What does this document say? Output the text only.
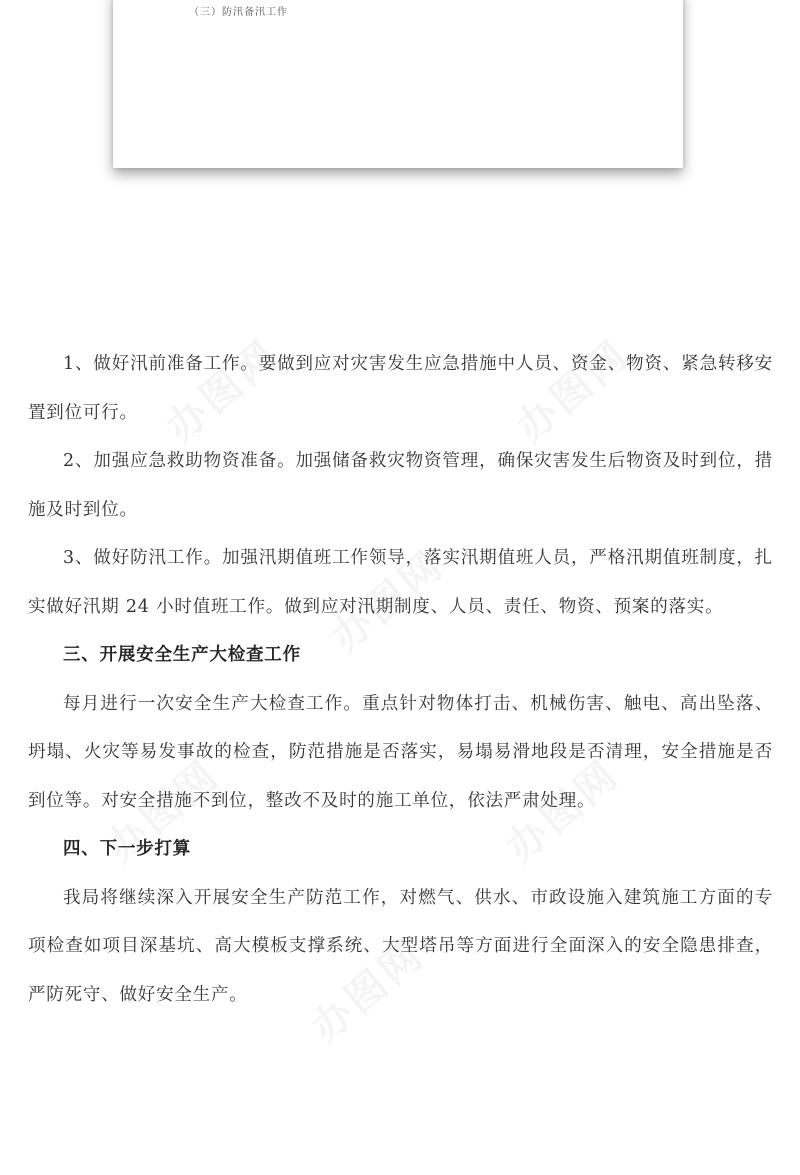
（三）防汛备汛工作

1、做好汛前准备工作。要做到应对灾害发生应急措施中人员、资金、物资、紧急转移安置到位可行。

2、加强应急救助物资准备。加强储备救灾物资管理，确保灾害发生后物资及时到位，措施及时到位。

3、做好防汛工作。加强汛期值班工作领导，落实汛期值班人员，严格汛期值班制度，扎实做好汛期 24 小时值班工作。做到应对汛期制度、人员、责任、物资、预案的落实。

三、开展安全生产大检查工作

每月进行一次安全生产大检查工作。重点针对物体打击、机械伤害、触电、高出坠落、坍塌、火灾等易发事故的检查，防范措施是否落实，易塌易滑地段是否清理，安全措施是否到位等。对安全措施不到位，整改不及时的施工单位，依法严肃处理。

四、下一步打算

我局将继续深入开展安全生产防范工作，对燃气、供水、市政设施入建筑施工方面的专项检查如项目深基坑、高大模板支撑系统、大型塔吊等方面进行全面深入的安全隐患排查，严防死守、做好安全生产。
